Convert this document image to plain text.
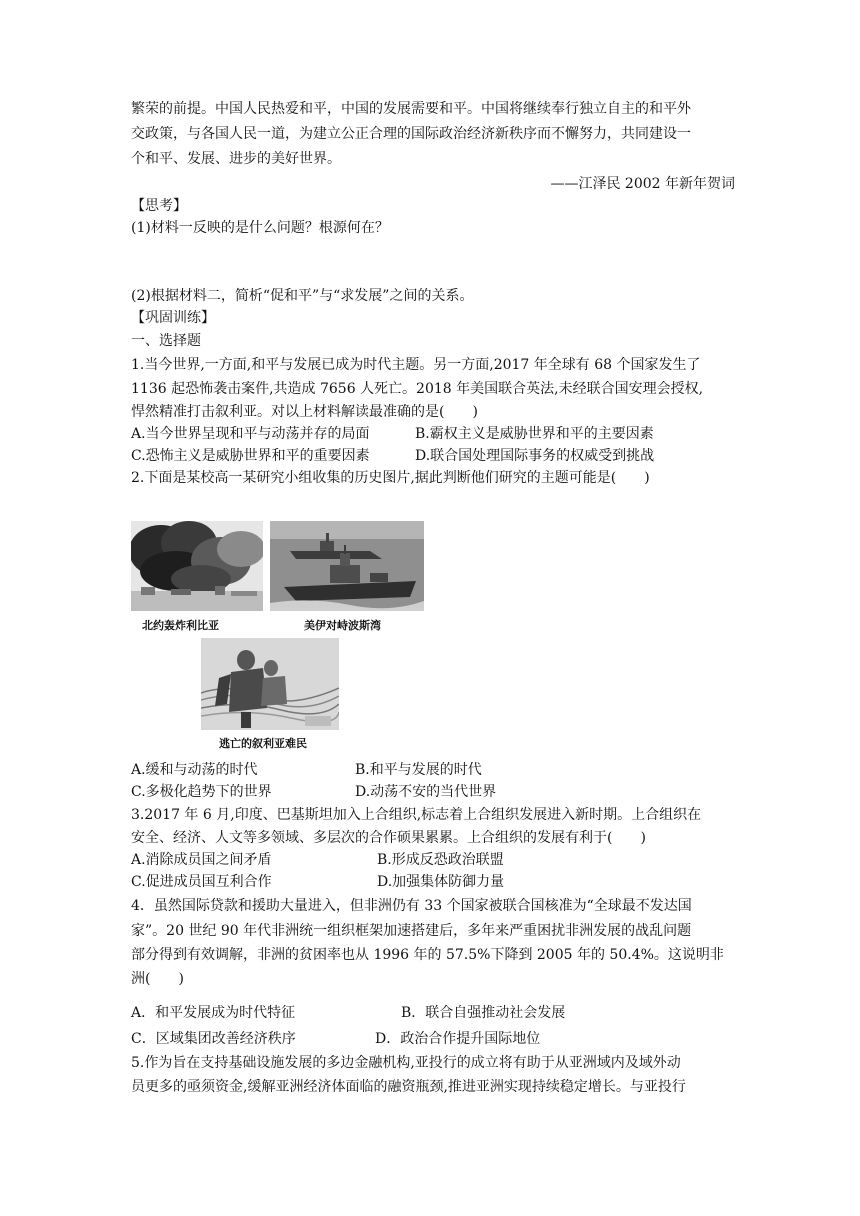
繁荣的前提。中国人民热爱和平，中国的发展需要和平。中国将继续奉行独立自主的和平外
交政策，与各国人民一道，为建立公正合理的国际政治经济新秩序而不懈努力，共同建设一
个和平、发展、进步的美好世界。
——江泽民 2002 年新年贺词
【思考】
(1)材料一反映的是什么问题？根源何在？
(2)根据材料二，简析“促和平”与“求发展”之间的关系。
【巩固训练】
一、选择题
1.当今世界,一方面,和平与发展已成为时代主题。另一方面,2017 年全球有 68 个国家发生了
1136 起恐怖袭击案件,共造成 7656 人死亡。2018 年美国联合英法,未经联合国安理会授权,
悍然精准打击叙利亚。对以上材料解读最准确的是(　　)
A.当今世界呈现和平与动荡并存的局面	B.霸权主义是威胁世界和平的主要因素
C.恐怖主义是威胁世界和平的重要因素	D.联合国处理国际事务的权威受到挑战
2.下面是某校高一某研究小组收集的历史图片,据此判断他们研究的主题可能是(　　)
北约轰炸利比亚	美伊对峙波斯湾
逃亡的叙利亚难民
A.缓和与动荡的时代	B.和平与发展的时代
C.多极化趋势下的世界	D.动荡不安的当代世界
3.2017 年 6 月,印度、巴基斯坦加入上合组织,标志着上合组织发展进入新时期。上合组织在
安全、经济、人文等多领域、多层次的合作硕果累累。上合组织的发展有利于(　　)
A.消除成员国之间矛盾	B.形成反恐政治联盟
C.促进成员国互利合作	D.加强集体防御力量
4．虽然国际贷款和援助大量进入，但非洲仍有 33 个国家被联合国核准为“全球最不发达国
家”。20 世纪 90 年代非洲统一组织框架加速搭建后，多年来严重困扰非洲发展的战乱问题
部分得到有效调解，非洲的贫困率也从 1996 年的 57.5%下降到 2005 年的 50.4%。这说明非
洲(　　)
A．和平发展成为时代特征	B．联合自强推动社会发展
C．区域集团改善经济秩序	D．政治合作提升国际地位
5.作为旨在支持基础设施发展的多边金融机构,亚投行的成立将有助于从亚洲域内及域外动
员更多的亟须资金,缓解亚洲经济体面临的融资瓶颈,推进亚洲实现持续稳定增长。与亚投行
